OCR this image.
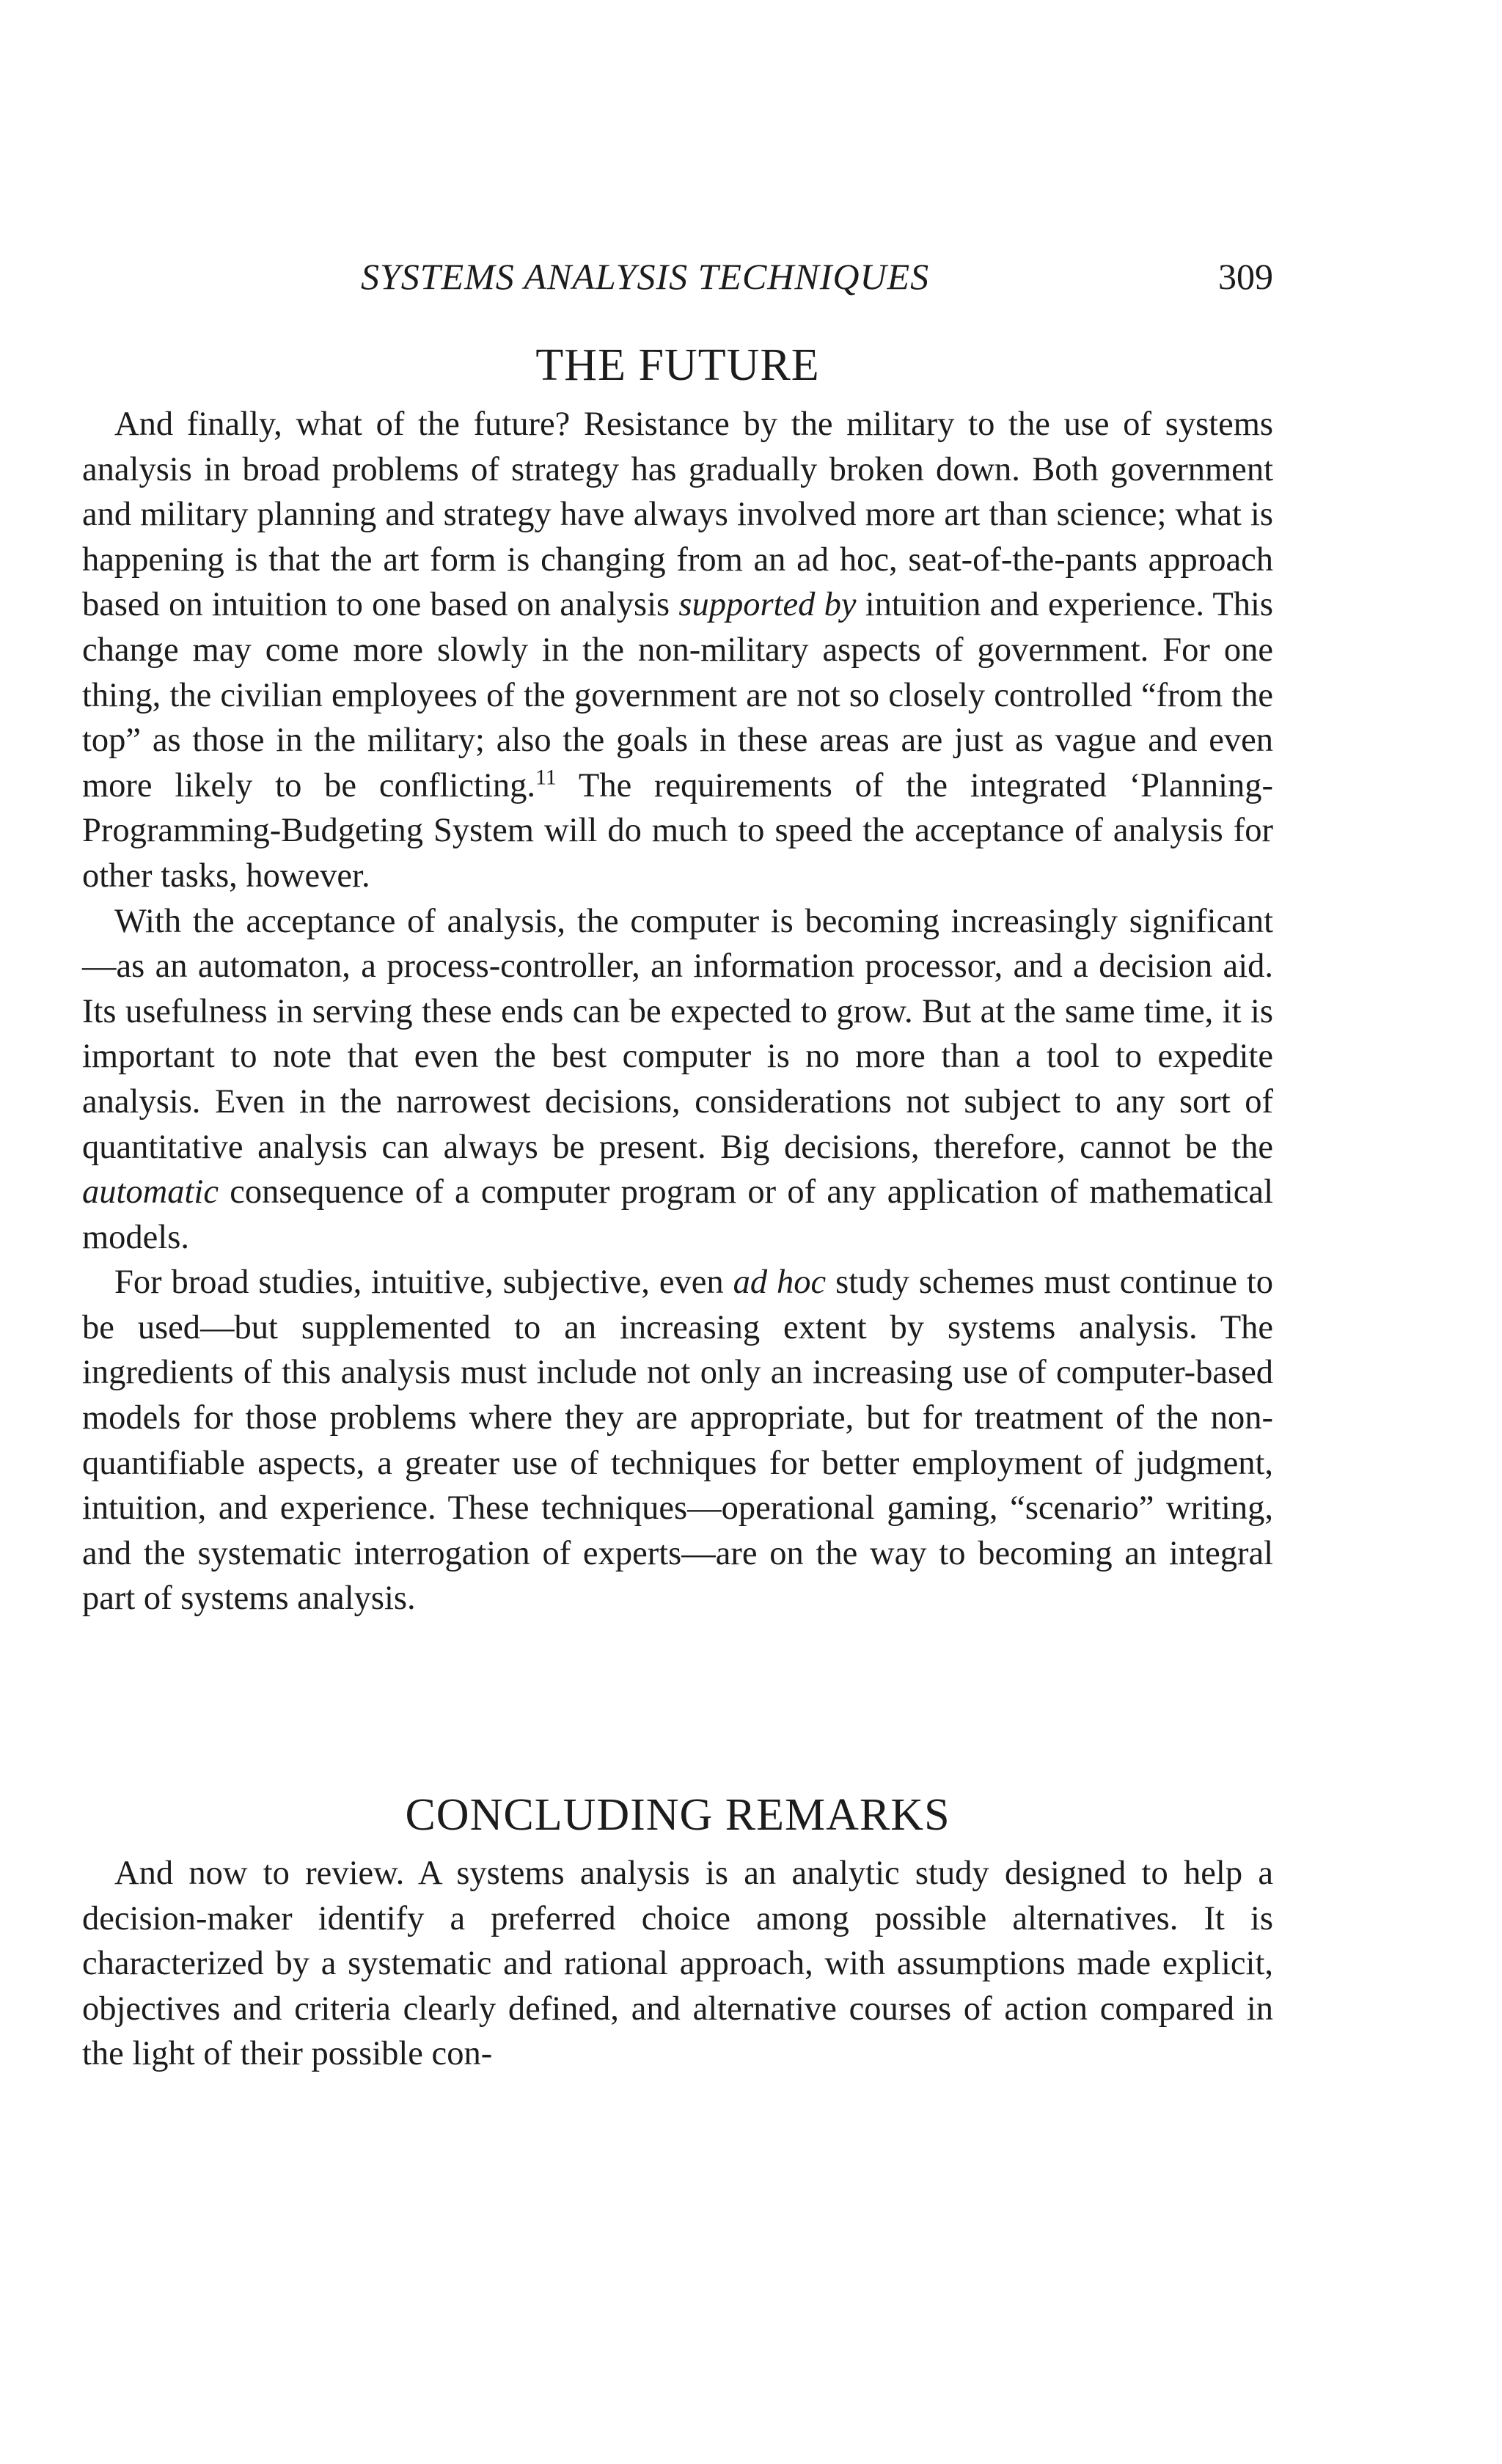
SYSTEMS ANALYSIS TECHNIQUES	309
THE FUTURE

And finally, what of the future? Resistance by the military to the use of systems analysis in broad problems of strategy has gradually broken down. Both government and military planning and strategy have always involved more art than science; what is happening is that the art form is changing from an ad hoc, seat-of-the-pants approach based on intuition to one based on analysis supported by intuition and experience. This change may come more slowly in the non-military aspects of government. For one thing, the civilian employees of the government are not so closely controlled “from the top” as those in the military; also the goals in these areas are just as vague and even more likely to be conflicting.$^{11}$ The requirements of the integrated ‘Planning-Programming-Budgeting System will do much to speed the acceptance of analysis for other tasks, however.

With the acceptance of analysis, the computer is becoming increasingly significant—as an automaton, a process-controller, an information processor, and a decision aid. Its usefulness in serving these ends can be expected to grow. But at the same time, it is important to note that even the best computer is no more than a tool to expedite analysis. Even in the narrowest decisions, considerations not subject to any sort of quantitative analysis can always be present. Big decisions, therefore, cannot be the automatic consequence of a computer program or of any application of mathematical models.

For broad studies, intuitive, subjective, even ad hoc study schemes must continue to be used—but supplemented to an increasing extent by systems analysis. The ingredients of this analysis must include not only an increasing use of computer-based models for those problems where they are appropriate, but for treatment of the non-quantifiable aspects, a greater use of techniques for better employment of judgment, intuition, and experience. These techniques—operational gaming, “scenario” writing, and the systematic interrogation of experts—are on the way to becoming an integral part of systems analysis.

CONCLUDING REMARKS

And now to review. A systems analysis is an analytic study designed to help a decision-maker identify a preferred choice among possible alternatives. It is characterized by a systematic and rational approach, with assumptions made explicit, objectives and criteria clearly defined, and alternative courses of action compared in the light of their possible con-
